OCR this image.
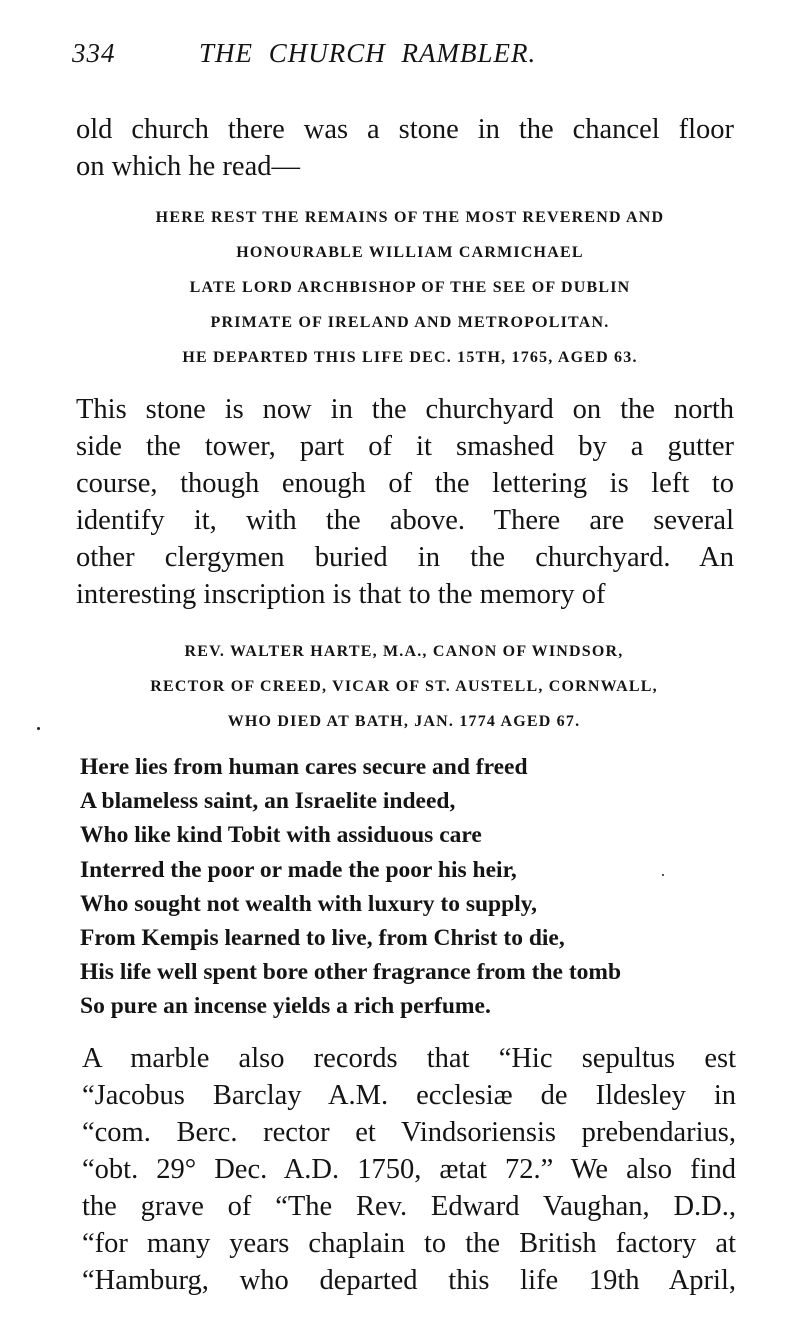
334	THE CHURCH RAMBLER.
old church there was a stone in the chancel floor
on which he read—
HERE REST THE REMAINS OF THE MOST REVEREND AND
HONOURABLE WILLIAM CARMICHAEL
LATE LORD ARCHBISHOP OF THE SEE OF DUBLIN
PRIMATE OF IRELAND AND METROPOLITAN.
HE DEPARTED THIS LIFE DEC. 15TH, 1765, AGED 63.
This stone is now in the churchyard on the north
side the tower, part of it smashed by a gutter
course, though enough of the lettering is left to
identify it, with the above. There are several
other clergymen buried in the churchyard. An
interesting inscription is that to the memory of
REV. WALTER HARTE, M.A., CANON OF WINDSOR,
RECTOR OF CREED, VICAR OF ST. AUSTELL, CORNWALL,
WHO DIED AT BATH, JAN. 1774 AGED 67.
Here lies from human cares secure and freed
A blameless saint, an Israelite indeed,
Who like kind Tobit with assiduous care
Interred the poor or made the poor his heir,
Who sought not wealth with luxury to supply,
From Kempis learned to live, from Christ to die,
His life well spent bore other fragrance from the tomb
So pure an incense yields a rich perfume.
A marble also records that “Hic sepultus est
“Jacobus Barclay A.M. ecclesiæ de Ildesley in
“com. Berc. rector et Vindsoriensis prebendarius,
“obt. 29° Dec. A.D. 1750, ætat 72.” We also find
the grave of “The Rev. Edward Vaughan, D.D.,
“for many years chaplain to the British factory at
“Hamburg, who departed this life 19th April,
